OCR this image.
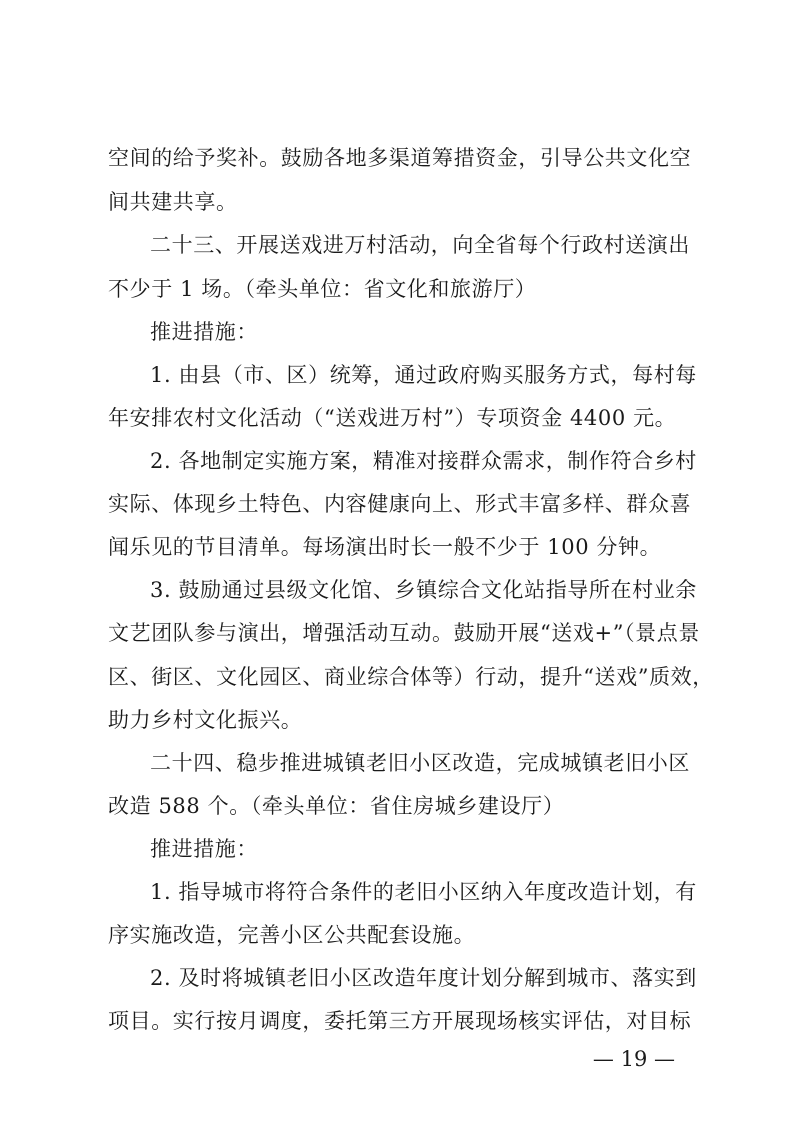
空间的给予奖补。鼓励各地多渠道筹措资金，引导公共文化空
间共建共享。
二十三、开展送戏进万村活动，向全省每个行政村送演出
不少于 1 场。（牵头单位：省文化和旅游厅）
推进措施：
1. 由县（市、区）统筹，通过政府购买服务方式，每村每
年安排农村文化活动（“送戏进万村”）专项资金 4400 元。
2. 各地制定实施方案，精准对接群众需求，制作符合乡村
实际、体现乡土特色、内容健康向上、形式丰富多样、群众喜
闻乐见的节目清单。每场演出时长一般不少于 100 分钟。
3. 鼓励通过县级文化馆、乡镇综合文化站指导所在村业余
文艺团队参与演出，增强活动互动。鼓励开展“送戏+”（景点景
区、街区、文化园区、商业综合体等）行动，提升“送戏”质效，
助力乡村文化振兴。
二十四、稳步推进城镇老旧小区改造，完成城镇老旧小区
改造 588 个。（牵头单位：省住房城乡建设厅）
推进措施：
1. 指导城市将符合条件的老旧小区纳入年度改造计划，有
序实施改造，完善小区公共配套设施。
2. 及时将城镇老旧小区改造年度计划分解到城市、落实到
项目。实行按月调度，委托第三方开展现场核实评估，对目标
— 19 —
